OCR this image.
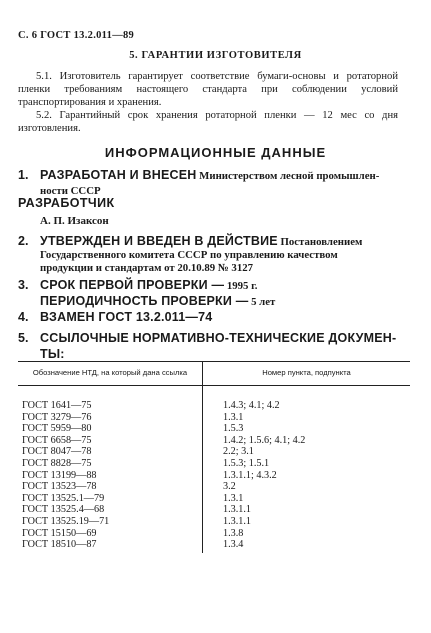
С. 6 ГОСТ 13.2.011—89
5. ГАРАНТИИ ИЗГОТОВИТЕЛЯ
5.1. Изготовитель гарантирует соответствие бумаги-основы и ротаторной пленки требованиям настоящего стандарта при соблюдении условий транспортирования и хранения.
5.2. Гарантийный срок хранения ротаторной пленки — 12 мес со дня изготовления.
ИНФОРМАЦИОННЫЕ ДАННЫЕ
1. РАЗРАБОТАН И ВНЕСЕН Министерством лесной промышлен-
ности СССР
РАЗРАБОТЧИК
А. П. Изаксон
2. УТВЕРЖДЕН И ВВЕДЕН В ДЕЙСТВИЕ Постановлением
Государственного комитета СССР по управлению качеством
продукции и стандартам от 20.10.89 № 3127
3. СРОК ПЕРВОЙ ПРОВЕРКИ — 1995 г.
ПЕРИОДИЧНОСТЬ ПРОВЕРКИ — 5 лет
4. ВЗАМЕН ГОСТ 13.2.011—74
5. ССЫЛОЧНЫЕ НОРМАТИВНО-ТЕХНИЧЕСКИЕ ДОКУМЕН-
ТЫ:
Обозначение НТД, на который дана ссылка	Номер пункта, подпункта
ГОСТ 1641—75	1.4.3; 4.1; 4.2
ГОСТ 3279—76	1.3.1
ГОСТ 5959—80	1.5.3
ГОСТ 6658—75	1.4.2; 1.5.6; 4.1; 4.2
ГОСТ 8047—78	2.2; 3.1
ГОСТ 8828—75	1.5.3; 1.5.1
ГОСТ 13199—88	1.3.1.1; 4.3.2
ГОСТ 13523—78	3.2
ГОСТ 13525.1—79	1.3.1
ГОСТ 13525.4—68	1.3.1.1
ГОСТ 13525.19—71	1.3.1.1
ГОСТ 15150—69	1.3.8
ГОСТ 18510—87	1.3.4
